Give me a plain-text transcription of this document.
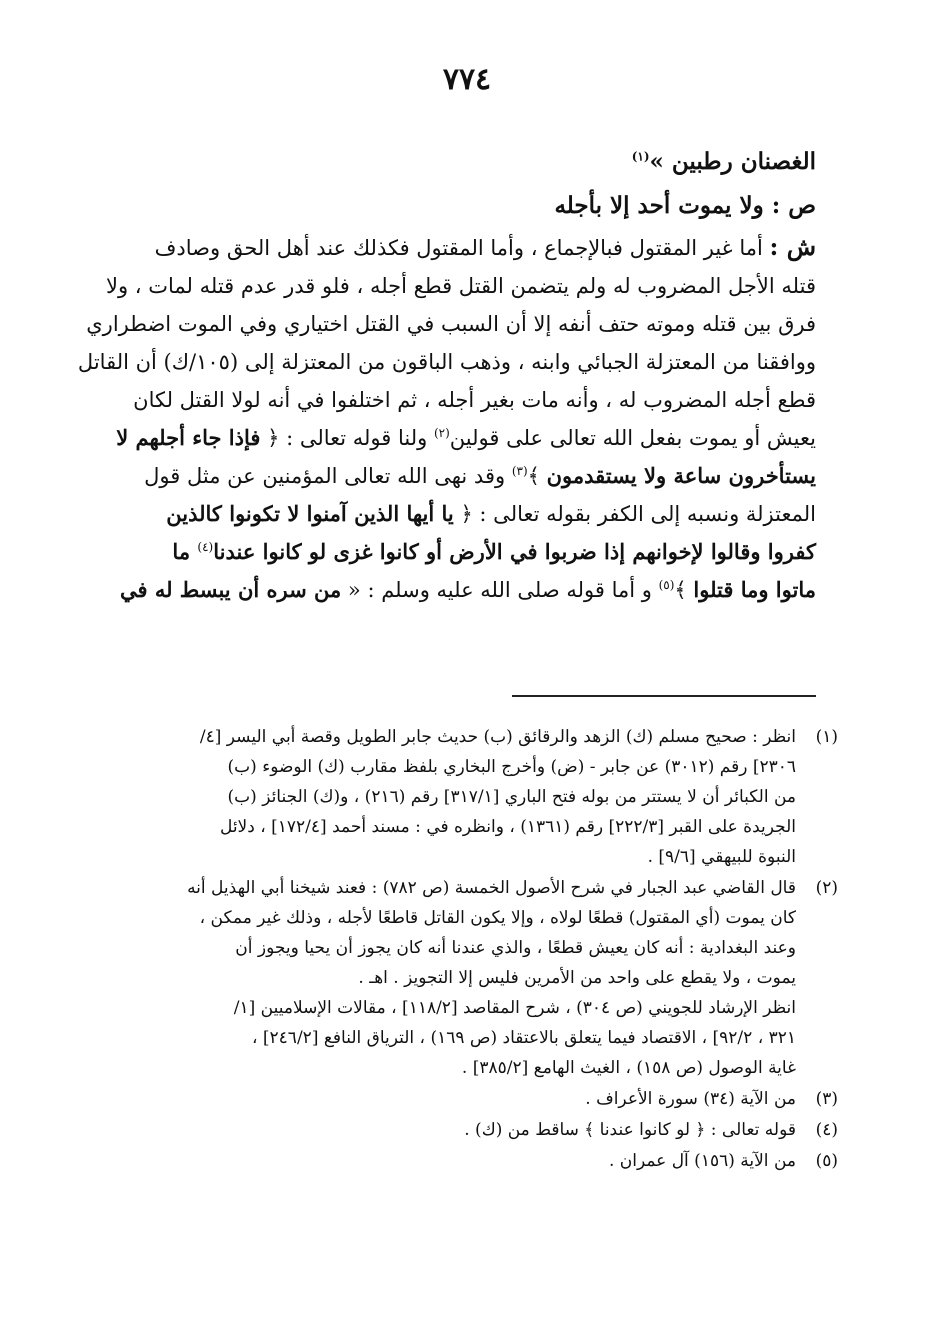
٧٧٤
الغصنان رطبين »$^{(١)}$
ص : ولا يموت أحد إلا بأجله
ش : أما غير المقتول فبالإجماع ، وأما المقتول فكذلك عند أهل الحق وصادف
قتله الأجل المضروب له ولم يتضمن القتل قطع أجله ، فلو قدر عدم قتله لمات ، ولا
فرق بين قتله وموته حتف أنفه إلا أن السبب في القتل اختياري وفي الموت اضطراري
ووافقنا من المعتزلة الجبائي وابنه ، وذهب الباقون من المعتزلة إلى (١٠٥/ك) أن القاتل
قطع أجله المضروب له ، وأنه مات بغير أجله ، ثم اختلفوا في أنه لولا القتل لكان
يعيش أو يموت بفعل الله تعالى على قولين$^{(٢)}$ ولنا قوله تعالى : ﴿ فإذا جاء أجلهم لا
يستأخرون ساعة ولا يستقدمون ﴾$^{(٣)}$ وقد نهى الله تعالى المؤمنين عن مثل قول
المعتزلة ونسبه إلى الكفر بقوله تعالى : ﴿ يا أيها الذين آمنوا لا تكونوا كالذين
كفروا وقالوا لإخوانهم إذا ضربوا في الأرض أو كانوا غزى لو كانوا عندنا$^{(٤)}$ ما
ماتوا وما قتلوا ﴾$^{(٥)}$ و أما قوله صلى الله عليه وسلم : « من سره أن يبسط له في
(١)
انظر : صحيح مسلم (ك) الزهد والرقائق (ب) حديث جابر الطويل وقصة أبي اليسر [٤/
٢٣٠٦] رقم (٣٠١٢) عن جابر - (ض) وأخرج البخاري بلفظ مقارب (ك) الوضوء (ب)
من الكبائر أن لا يستتر من بوله فتح الباري [٣١٧/١] رقم (٢١٦) ، و(ك) الجنائز (ب)
الجريدة على القبر [٢٢٢/٣] رقم (١٣٦١) ، وانظره في : مسند أحمد [١٧٢/٤] ، دلائل
النبوة للبيهقي [٩/٦] .
(٢)
قال القاضي عبد الجبار في شرح الأصول الخمسة (ص ٧٨٢) : فعند شيخنا أبي الهذيل أنه
كان يموت (أي المقتول) قطعًا لولاه ، وإلا يكون القاتل قاطعًا لأجله ، وذلك غير ممكن ،
وعند البغدادية : أنه كان يعيش قطعًا ، والذي عندنا أنه كان يجوز أن يحيا ويجوز أن
يموت ، ولا يقطع على واحد من الأمرين فليس إلا التجويز . اهـ .
انظر الإرشاد للجويني (ص ٣٠٤) ، شرح المقاصد [١١٨/٢] ، مقالات الإسلاميين [١/
٣٢١ ، ٩٢/٢] ، الاقتصاد فيما يتعلق بالاعتقاد (ص ١٦٩) ، الترياق النافع [٢٤٦/٢] ،
غاية الوصول (ص ١٥٨) ، الغيث الهامع [٣٨٥/٢] .
(٣)
من الآية (٣٤) سورة الأعراف .
(٤)
قوله تعالى : ﴿ لو كانوا عندنا ﴾ ساقط من (ك) .
(٥)
من الآية (١٥٦) آل عمران .
